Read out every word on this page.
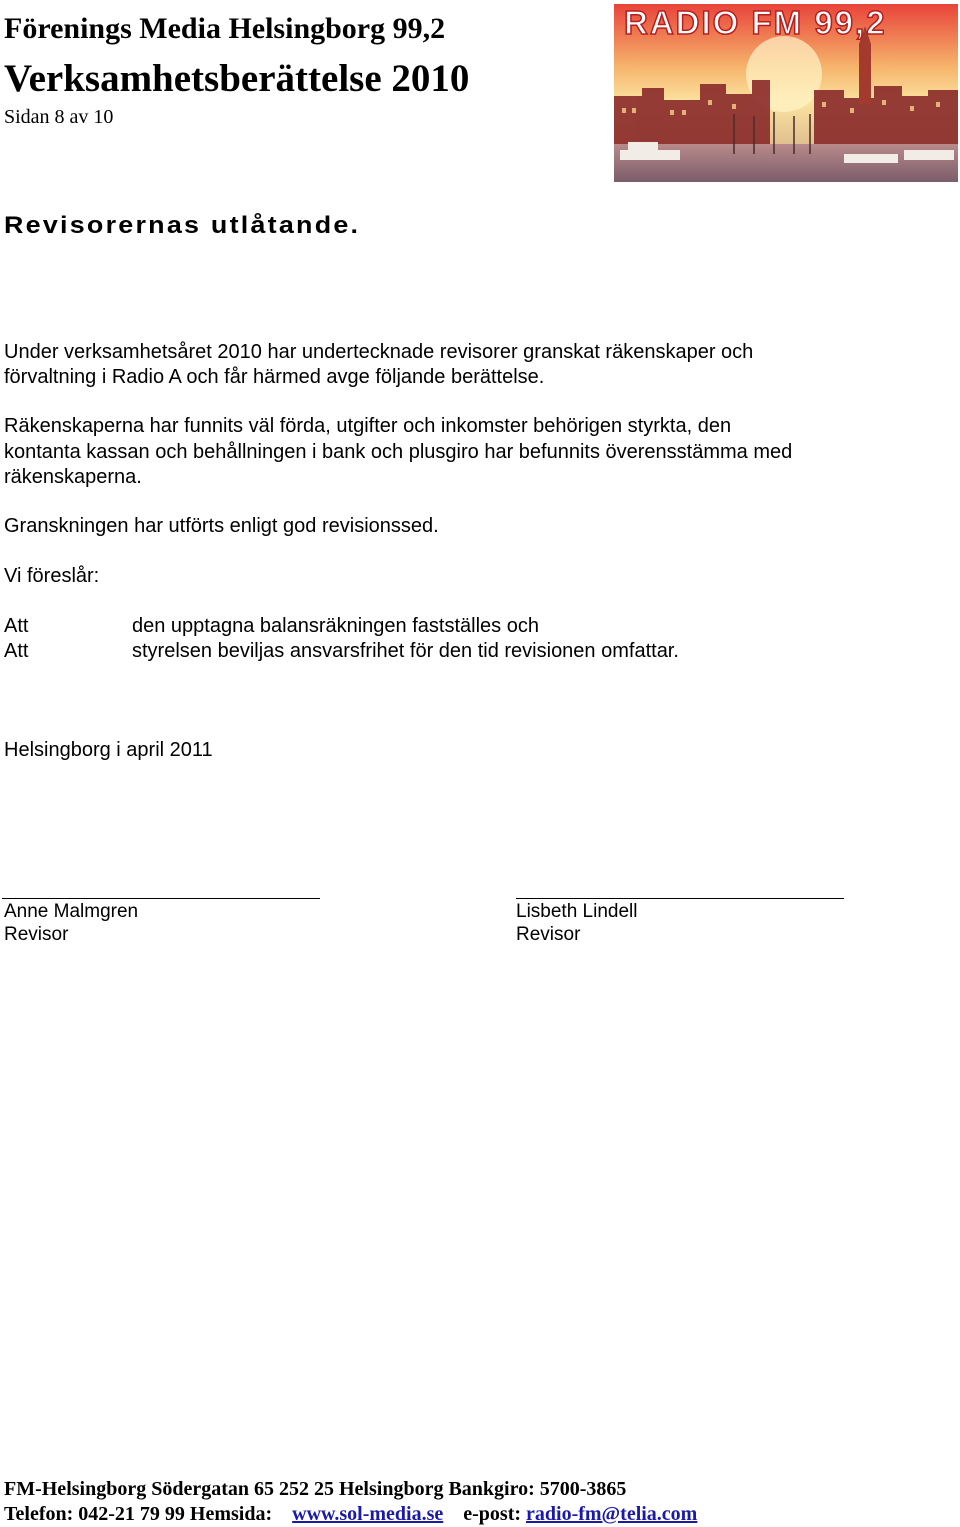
Förenings Media Helsingborg 99,2
Verksamhetsberättelse 2010
Sidan 8 av 10
RADIO FM 99,2
Revisorernas utlåtande.
Under verksamhetsåret 2010 har undertecknade revisorer granskat räkenskaper och
förvaltning i Radio A och får härmed avge följande berättelse.
Räkenskaperna har funnits väl förda, utgifter och inkomster behörigen styrkta, den
kontanta kassan och behållningen i bank och plusgiro har befunnits överensstämma med
räkenskaperna.
Granskningen har utförts enligt god revisionssed.
Vi föreslår:
Att	den upptagna balansräkningen fastställes och
Att	styrelsen beviljas ansvarsfrihet för den tid revisionen omfattar.
Helsingborg i april 2011
Anne Malmgren
Revisor
Lisbeth Lindell
Revisor
FM-Helsingborg Södergatan 65 252 25 Helsingborg Bankgiro: 5700-3865
Telefon: 042-21 79 99 Hemsida: www.sol-media.se e-post: radio-fm@telia.com
